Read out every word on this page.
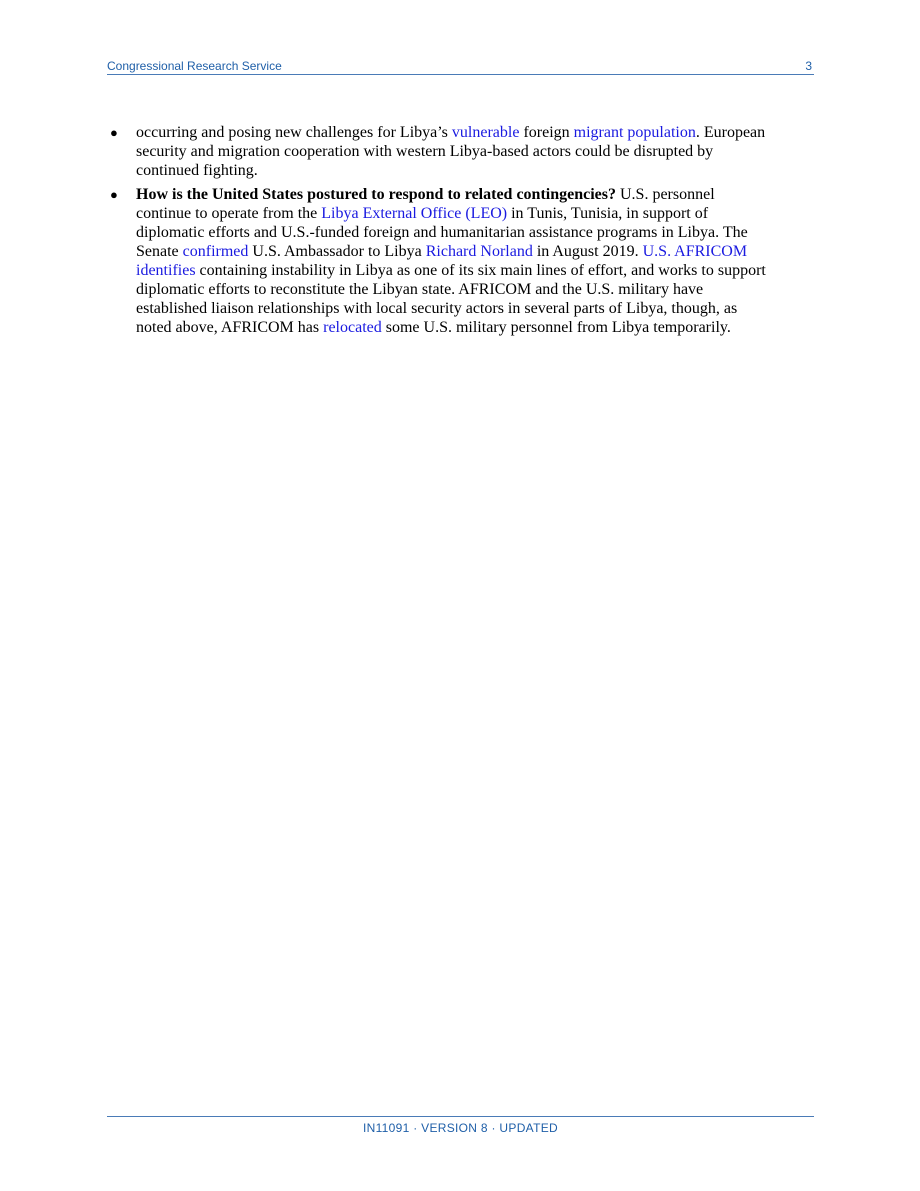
Congressional Research Service	3
● occurring and posing new challenges for Libya’s vulnerable foreign migrant population. European security and migration cooperation with western Libya-based actors could be disrupted by continued fighting.
● How is the United States postured to respond to related contingencies? U.S. personnel continue to operate from the Libya External Office (LEO) in Tunis, Tunisia, in support of diplomatic efforts and U.S.-funded foreign and humanitarian assistance programs in Libya. The Senate confirmed U.S. Ambassador to Libya Richard Norland in August 2019. U.S. AFRICOM identifies containing instability in Libya as one of its six main lines of effort, and works to support diplomatic efforts to reconstitute the Libyan state. AFRICOM and the U.S. military have established liaison relationships with local security actors in several parts of Libya, though, as noted above, AFRICOM has relocated some U.S. military personnel from Libya temporarily.
IN11091 · VERSION 8 · UPDATED
